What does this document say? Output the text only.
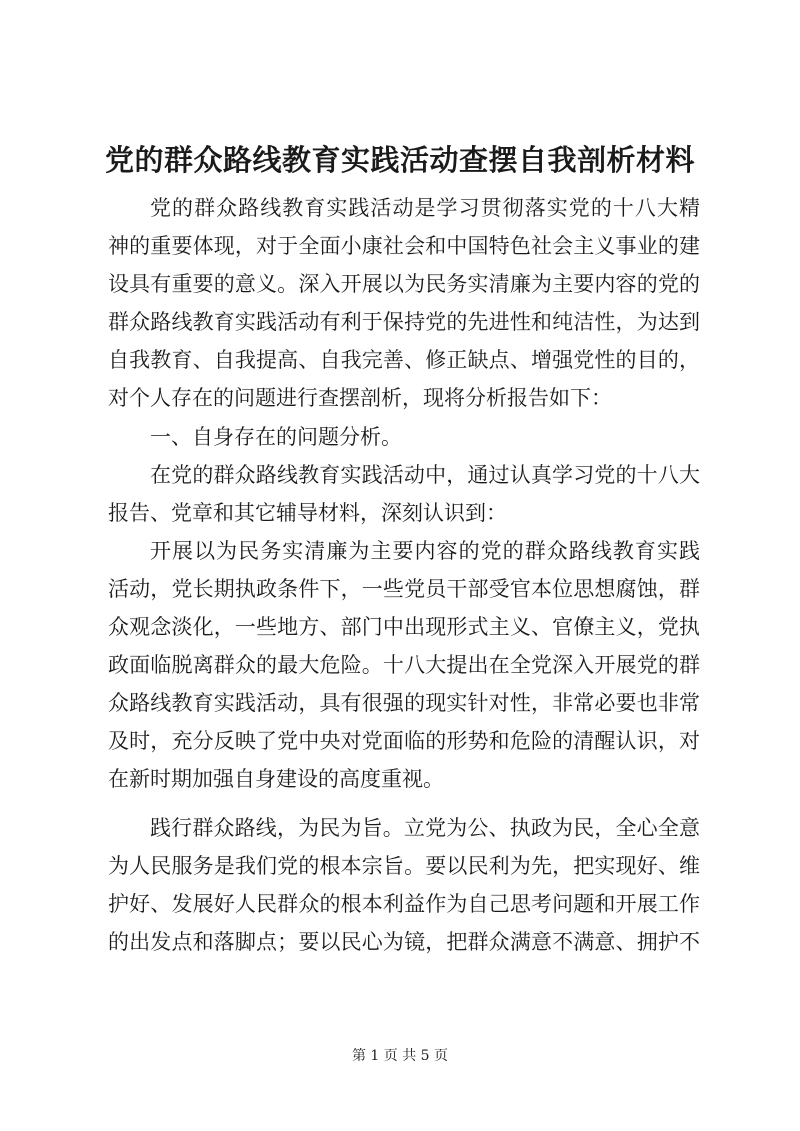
党的群众路线教育实践活动查摆自我剖析材料
党的群众路线教育实践活动是学习贯彻落实党的十八大精
神的重要体现，对于全面小康社会和中国特色社会主义事业的建
设具有重要的意义。深入开展以为民务实清廉为主要内容的党的
群众路线教育实践活动有利于保持党的先进性和纯洁性，为达到
自我教育、自我提高、自我完善、修正缺点、增强党性的目的，
对个人存在的问题进行查摆剖析，现将分析报告如下：
一、自身存在的问题分析。
在党的群众路线教育实践活动中，通过认真学习党的十八大
报告、党章和其它辅导材料，深刻认识到：
开展以为民务实清廉为主要内容的党的群众路线教育实践
活动，党长期执政条件下，一些党员干部受官本位思想腐蚀，群
众观念淡化，一些地方、部门中出现形式主义、官僚主义，党执
政面临脱离群众的最大危险。十八大提出在全党深入开展党的群
众路线教育实践活动，具有很强的现实针对性，非常必要也非常
及时，充分反映了党中央对党面临的形势和危险的清醒认识，对
在新时期加强自身建设的高度重视。
践行群众路线，为民为旨。立党为公、执政为民，全心全意
为人民服务是我们党的根本宗旨。要以民利为先，把实现好、维
护好、发展好人民群众的根本利益作为自己思考问题和开展工作
的出发点和落脚点；要以民心为镜，把群众满意不满意、拥护不
第 1 页 共 5 页
